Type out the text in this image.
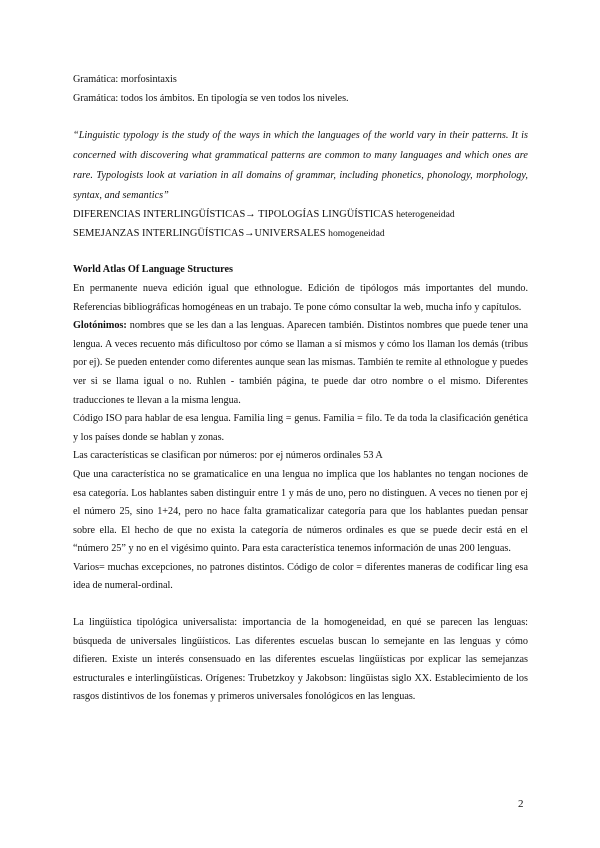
Gramática: morfosintaxis

Gramática: todos los ámbitos. En tipología se ven todos los niveles.

“Linguistic typology is the study of the ways in which the languages of the world vary in their patterns. It is concerned with discovering what grammatical patterns are common to many languages and which ones are rare. Typologists look at variation in all domains of grammar, including phonetics, phonology, morphology, syntax, and semantics”

DIFERENCIAS INTERLINGÜÍSTICAS→ TIPOLOGÍAS LINGÜÍSTICAS heterogeneidad

SEMEJANZAS INTERLINGÜÍSTICAS→UNIVERSALES homogeneidad

World Atlas Of Language Structures

En permanente nueva edición igual que ethnologue. Edición de tipólogos más importantes del mundo. Referencias bibliográficas homogéneas en un trabajo. Te pone cómo consultar la web, mucha info y capítulos.

Glotónimos: nombres que se les dan a las lenguas. Aparecen también. Distintos nombres que puede tener una lengua. A veces recuento más dificultoso por cómo se llaman a sí mismos y cómo los llaman los demás (tribus por ej). Se pueden entender como diferentes aunque sean las mismas. También te remite al ethnologue y puedes ver si se llama igual o no. Ruhlen - también página, te puede dar otro nombre o el mismo. Diferentes traducciones te llevan a la misma lengua.

Código ISO para hablar de esa lengua. Familia ling = genus. Familia = filo. Te da toda la clasificación genética y los países donde se hablan y zonas.

Las características se clasifican por números: por ej números ordinales 53 A

Que una característica no se gramaticalice en una lengua no implica que los hablantes no tengan nociones de esa categoría. Los hablantes saben distinguir entre 1 y más de uno, pero no distinguen. A veces no tienen por ej el número 25, sino 1+24, pero no hace falta gramaticalizar categoría para que los hablantes puedan pensar sobre ella. El hecho de que no exista la categoría de números ordinales es que se puede decir está en el “número 25” y no en el vigésimo quinto. Para esta característica tenemos información de unas 200 lenguas.

Varios= muchas excepciones, no patrones distintos. Código de color = diferentes maneras de codificar ling esa idea de numeral-ordinal.

La lingüística tipológica universalista: importancia de la homogeneidad, en qué se parecen las lenguas: búsqueda de universales lingüísticos. Las diferentes escuelas buscan lo semejante en las lenguas y cómo difieren. Existe un interés consensuado en las diferentes escuelas lingüísticas por explicar las semejanzas estructurales e interlingüísticas. Orígenes: Trubetzkoy y Jakobson: lingüistas siglo XX. Establecimiento de los rasgos distintivos de los fonemas y primeros universales fonológicos en las lenguas.

2
